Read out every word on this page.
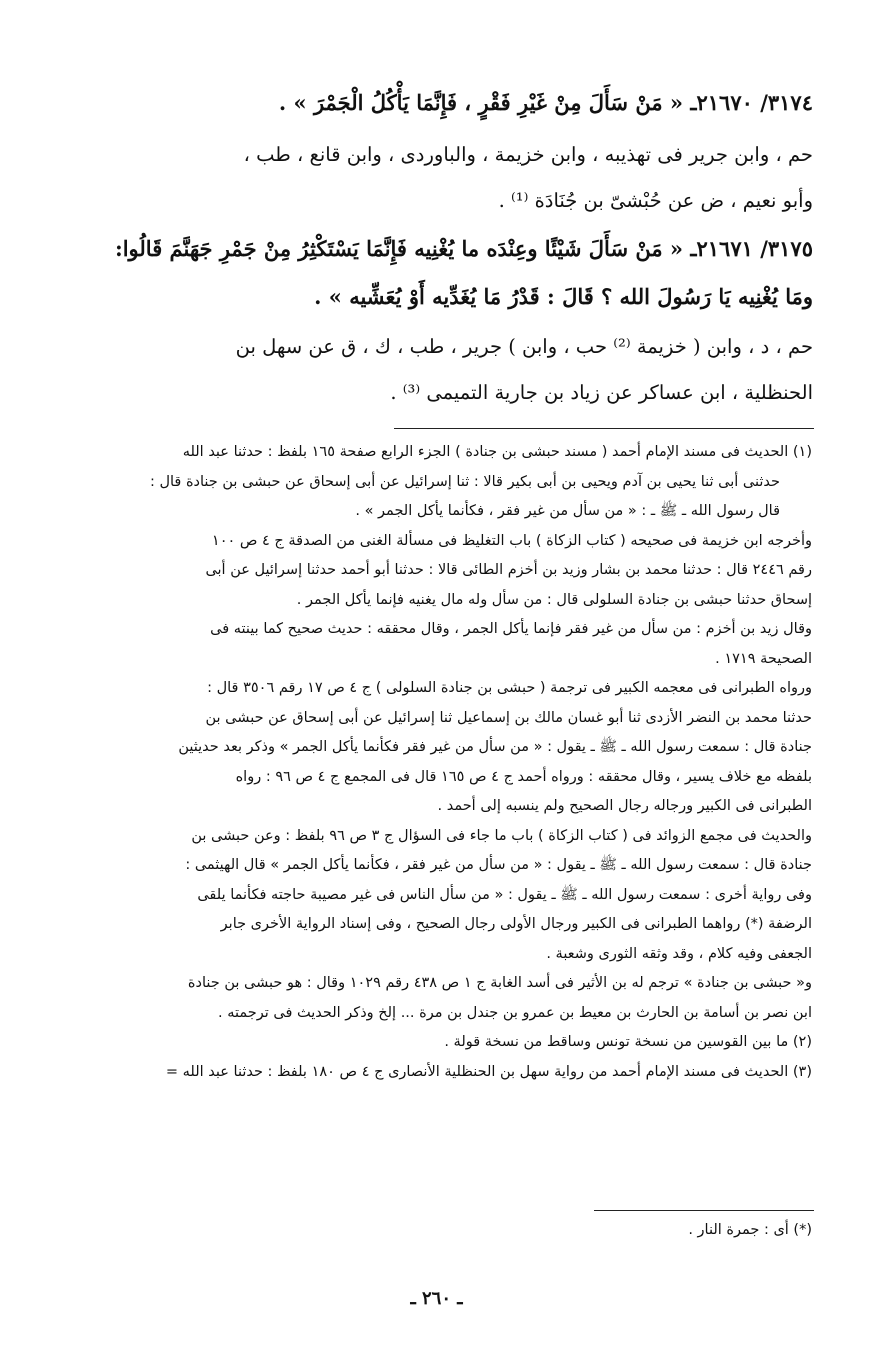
٣١٧٤/ ٢١٦٧٠ـ « مَنْ سَأَلَ مِنْ غَيْرِ فَقْرٍ ، فَإِنَّمَا يَأْكُلُ الْجَمْرَ » .
حم ، وابن جرير فى تهذيبه ، وابن خزيمة ، والباوردى ، وابن قانع ، طب ،
وأبو نعيم ، ض عن حُبْشىّ بن جُنَادَة ⁽¹⁾ .
٣١٧٥/ ٢١٦٧١ـ « مَنْ سَأَلَ شَيْئًا وعِنْدَه ما يُغْنِيه فَإِنَّمَا يَسْتَكْثِرُ مِنْ جَمْرِ جَهَنَّمَ قَالُوا:
ومَا يُغْنِيه يَا رَسُولَ الله ؟ قَالَ : قَدْرُ مَا يُغَدِّيه أَوْ يُعَشِّيه » .
حم ، د ، وابن ( خزيمة ⁽²⁾ حب ، وابن ) جرير ، طب ، ك ، ق عن سهل بن
الحنظلية ، ابن عساكر عن زياد بن جارية التميمى ⁽³⁾ .

(١) الحديث فى مسند الإمام أحمد ( مسند حبشى بن جنادة ) الجزء الرابع صفحة ١٦٥ بلفظ : حدثنا عبد الله

حدثنى أبى ثنا يحيى بن آدم ويحيى بن أبى بكير قالا : ثنا إسرائيل عن أبى إسحاق عن حبشى بن جنادة قال :

قال رسول الله ـ ﷺ ـ : « من سأل من غير فقر ، فكأنما يأكل الجمر » .

وأخرجه ابن خزيمة فى صحيحه ( كتاب الزكاة ) باب التغليظ فى مسألة الغنى من الصدقة ج ٤ ص ١٠٠

رقم ٢٤٤٦ قال : حدثنا محمد بن بشار وزيد بن أخزم الطائى قالا : حدثنا أبو أحمد حدثنا إسرائيل عن أبى

إسحاق حدثنا حبشى بن جنادة السلولى قال : من سأل وله مال يغنيه فإنما يأكل الجمر .

وقال زيد بن أخزم : من سأل من غير فقر فإنما يأكل الجمر ، وقال محققه : حديث صحيح كما بينته فى

الصحيحة ١٧١٩ .

ورواه الطبرانى فى معجمه الكبير فى ترجمة ( حبشى بن جنادة السلولى ) ج ٤ ص ١٧ رقم ٣٥٠٦ قال :

حدثنا محمد بن النضر الأزدى ثنا أبو غسان مالك بن إسماعيل ثنا إسرائيل عن أبى إسحاق عن حبشى بن

جنادة قال : سمعت رسول الله ـ ﷺ ـ يقول : « من سأل من غير فقر فكأنما يأكل الجمر » وذكر بعد حديثين

بلفظه مع خلاف يسير ، وقال محققه : ورواه أحمد ج ٤ ص ١٦٥ قال فى المجمع ج ٤ ص ٩٦ : رواه

الطبرانى فى الكبير ورجاله رجال الصحيح ولم ينسبه إلى أحمد .

والحديث فى مجمع الزوائد فى ( كتاب الزكاة ) باب ما جاء فى السؤال ج ٣ ص ٩٦ بلفظ : وعن حبشى بن

جنادة قال : سمعت رسول الله ـ ﷺ ـ يقول : « من سأل من غير فقر ، فكأنما يأكل الجمر » قال الهيثمى :

وفى رواية أخرى : سمعت رسول الله ـ ﷺ ـ يقول : « من سأل الناس فى غير مصيبة حاجته فكأنما يلقى

الرضفة (*) رواهما الطبرانى فى الكبير ورجال الأولى رجال الصحيح ، وفى إسناد الرواية الأخرى جابر

الجعفى وفيه كلام ، وقد وثقه الثورى وشعبة .

و« حبشى بن جنادة » ترجم له بن الأثير فى أسد الغابة ج ١ ص ٤٣٨ رقم ١٠٢٩ وقال : هو حبشى بن جنادة

ابن نصر بن أسامة بن الحارث بن معيط بن عمرو بن جندل بن مرة ... إلخ وذكر الحديث فى ترجمته .

(٢) ما بين القوسين من نسخة تونس وساقط من نسخة قولة .

(٣) الحديث فى مسند الإمام أحمد من رواية سهل بن الحنظلية الأنصارى ج ٤ ص ١٨٠ بلفظ : حدثنا عبد الله =

(*) أى : جمرة النار .
ـ ٢٦٠ ـ
